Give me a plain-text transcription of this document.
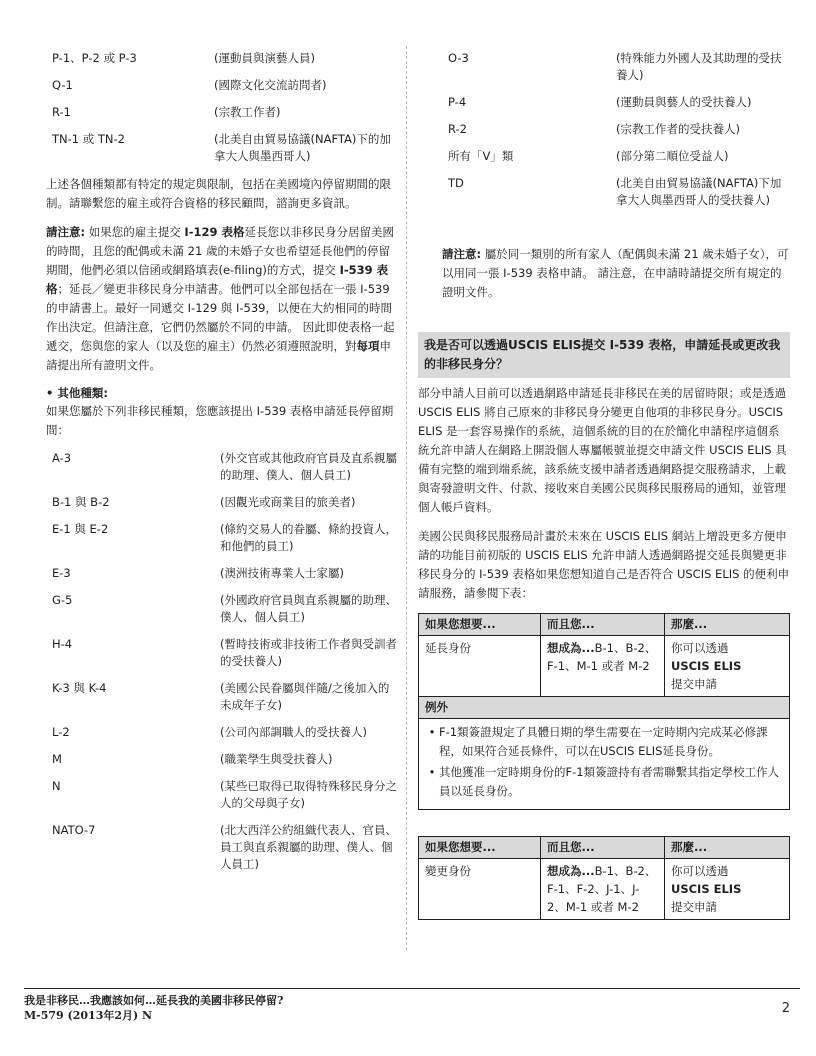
P-1、P-2 或 P-3	(運動員與演藝人員)
Q-1	(國際文化交流訪問者)
R-1	(宗教工作者)
TN-1 或 TN-2	(北美自由貿易協議(NAFTA)下的加拿大人與墨西哥人)

上述各個種類都有特定的規定與限制，包括在美國境內停留期間的限制。請聯繫您的雇主或符合資格的移民顧問，諮詢更多資訊。

請注意: 如果您的雇主提交 I-129 表格延長您以非移民身分居留美國的時間，且您的配偶或未滿 21 歲的未婚子女也希望延長他們的停留期間，他們必須以信函或網路填表(e-filing)的方式，提交 I-539 表格；延長／變更非移民身分申請書。他們可以全部包括在一張 I-539 的申請書上。最好一同遞交 I-129 與 I-539，以便在大約相同的時間作出決定。但請注意，它們仍然屬於不同的申請。 因此即使表格一起遞交，您與您的家人（以及您的雇主）仍然必須遵照說明，對每項申請提出所有證明文件。

• 其他種類:

如果您屬於下列非移民種類，您應該提出 I-539 表格申請延長停留期間：

A-3	(外交官或其他政府官員及直系親屬的助理、僕人、個人員工)
B-1 與 B-2	(因觀光或商業目的旅美者)
E-1 與 E-2	(條約交易人的眷屬、條約投資人，和他們的員工)
E-3	(澳洲技術專業人士家屬)
G-5	(外國政府官員與直系親屬的助理、僕人、個人員工)
H-4	(暫時技術或非技術工作者與受訓者的受扶養人)
K-3 與 K-4	(美國公民眷屬與伴隨/之後加入的未成年子女)
L-2	(公司內部調職人的受扶養人)
M	(職業學生與受扶養人)
N	(某些已取得已取得特殊移民身分之人的父母與子女)
NATO-7	(北大西洋公約組織代表人、官員、員工與直系親屬的助理、僕人、個人員工)
O-3	(特殊能力外國人及其助理的受扶養人)
P-4	(運動員與藝人的受扶養人)
R-2	(宗教工作者的受扶養人)
所有「V」類	(部分第二順位受益人)
TD	(北美自由貿易協議(NAFTA)下加拿大人與墨西哥人的受扶養人)

請注意: 屬於同一類別的所有家人（配偶與未滿 21 歲未婚子女），可以用同一張 I-539 表格申請。 請注意，在申請時請提交所有規定的證明文件。

我是否可以透過USCIS ELIS提交 I-539 表格，申請延長或更改我的非移民身分？

部分申請人目前可以透過網路申請延長非移民在美的居留時限；或是透過 USCIS ELIS 將自己原來的非移民身分變更自他項的非移民身分。USCIS ELIS 是一套容易操作的系統，這個系統的目的在於簡化申請程序這個系統允許申請人在網路上開設個人專屬帳號並提交申請文件 USCIS ELIS 具備有完整的端到端系統，該系統支援申請者透過網路提交服務請求，上載與寄發證明文件、付款、接收來自美國公民與移民服務局的通知，並管理個人帳戶資料。

美國公民與移民服務局計畫於未來在 USCIS ELIS 網站上增設更多方便申請的功能目前初版的 USCIS ELIS 允許申請人透過網路提交延長與變更非移民身分的 I-539 表格如果您想知道自己是否符合 USCIS ELIS 的便利申請服務，請參閱下表：

如果您想要...	而且您...	那麼...
延長身份	想成為...B-1、B-2、F-1、M-1 或者 M-2	你可以透過
USCIS ELIS
提交申請
例外
• F-1類簽證規定了具體日期的學生需要在一定時期內完成某必修課程，如果符合延長條件，可以在USCIS ELIS延長身份。
• 其他獲准一定時期身份的F-1類簽證持有者需聯繫其指定學校工作人員以延長身份。
如果您想要...	而且您...	那麼...
變更身份	想成為...B-1、B-2、F-1、F-2、J-1、J-2、M-1 或者 M-2	你可以透過
USCIS ELIS
提交申請
我是非移民…我應該如何…延長我的美國非移民停留?
M-579 (2013年2月) N	2
